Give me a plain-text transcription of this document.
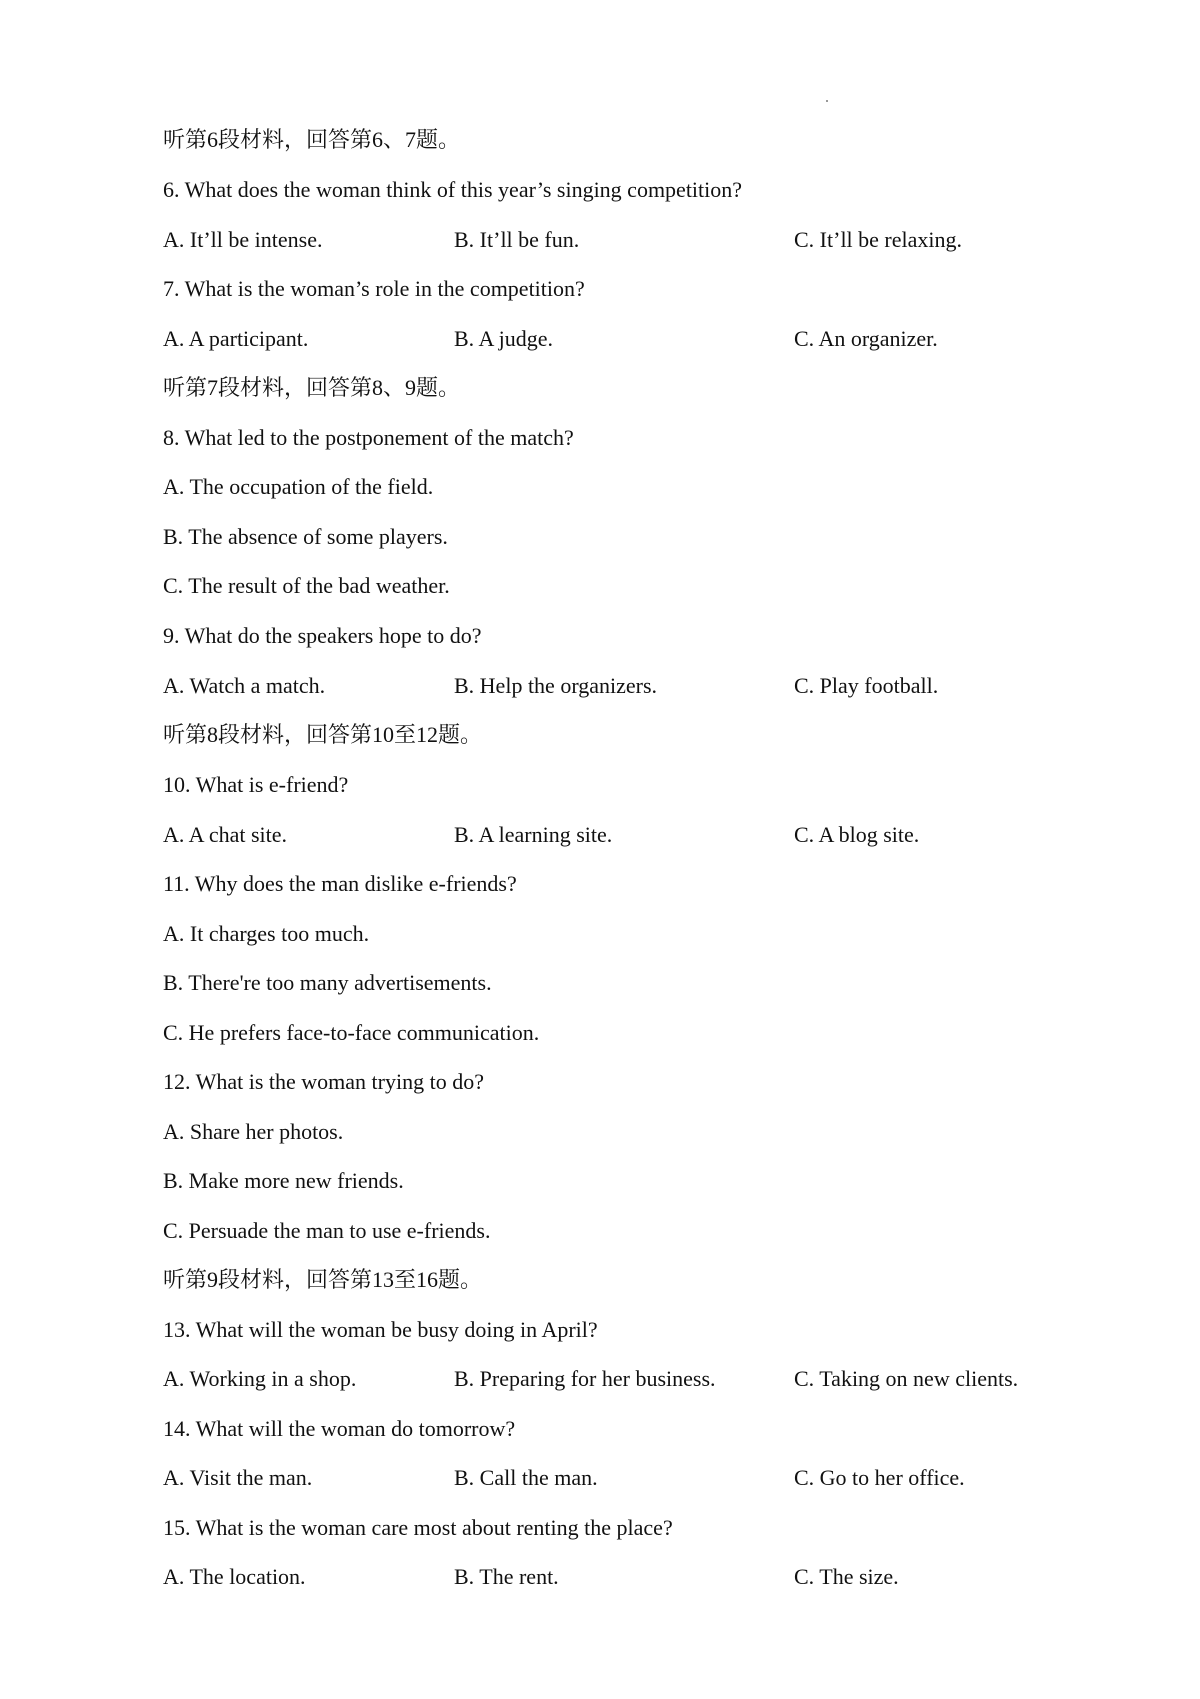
听第6段材料，回答第6、7题。
6. What does the woman think of this year’s singing competition?
A. It’ll be intense.	B. It’ll be fun.	C. It’ll be relaxing.
7. What is the woman’s role in the competition?
A. A participant.	B. A judge.	C. An organizer.
听第7段材料，回答第8、9题。
8. What led to the postponement of the match?
A. The occupation of the field.
B. The absence of some players.
C. The result of the bad weather.
9. What do the speakers hope to do?
A. Watch a match.	B. Help the organizers.	C. Play football.
听第8段材料，回答第10至12题。
10. What is e-friend?
A. A chat site.	B. A learning site.	C. A blog site.
11. Why does the man dislike e-friends?
A. It charges too much.
B. There're too many advertisements.
C. He prefers face-to-face communication.
12. What is the woman trying to do?
A. Share her photos.
B. Make more new friends.
C. Persuade the man to use e-friends.
听第9段材料，回答第13至16题。
13. What will the woman be busy doing in April?
A. Working in a shop.	B. Preparing for her business.	C. Taking on new clients.
14. What will the woman do tomorrow?
A. Visit the man.	B. Call the man.	C. Go to her office.
15. What is the woman care most about renting the place?
A. The location.	B. The rent.	C. The size.
